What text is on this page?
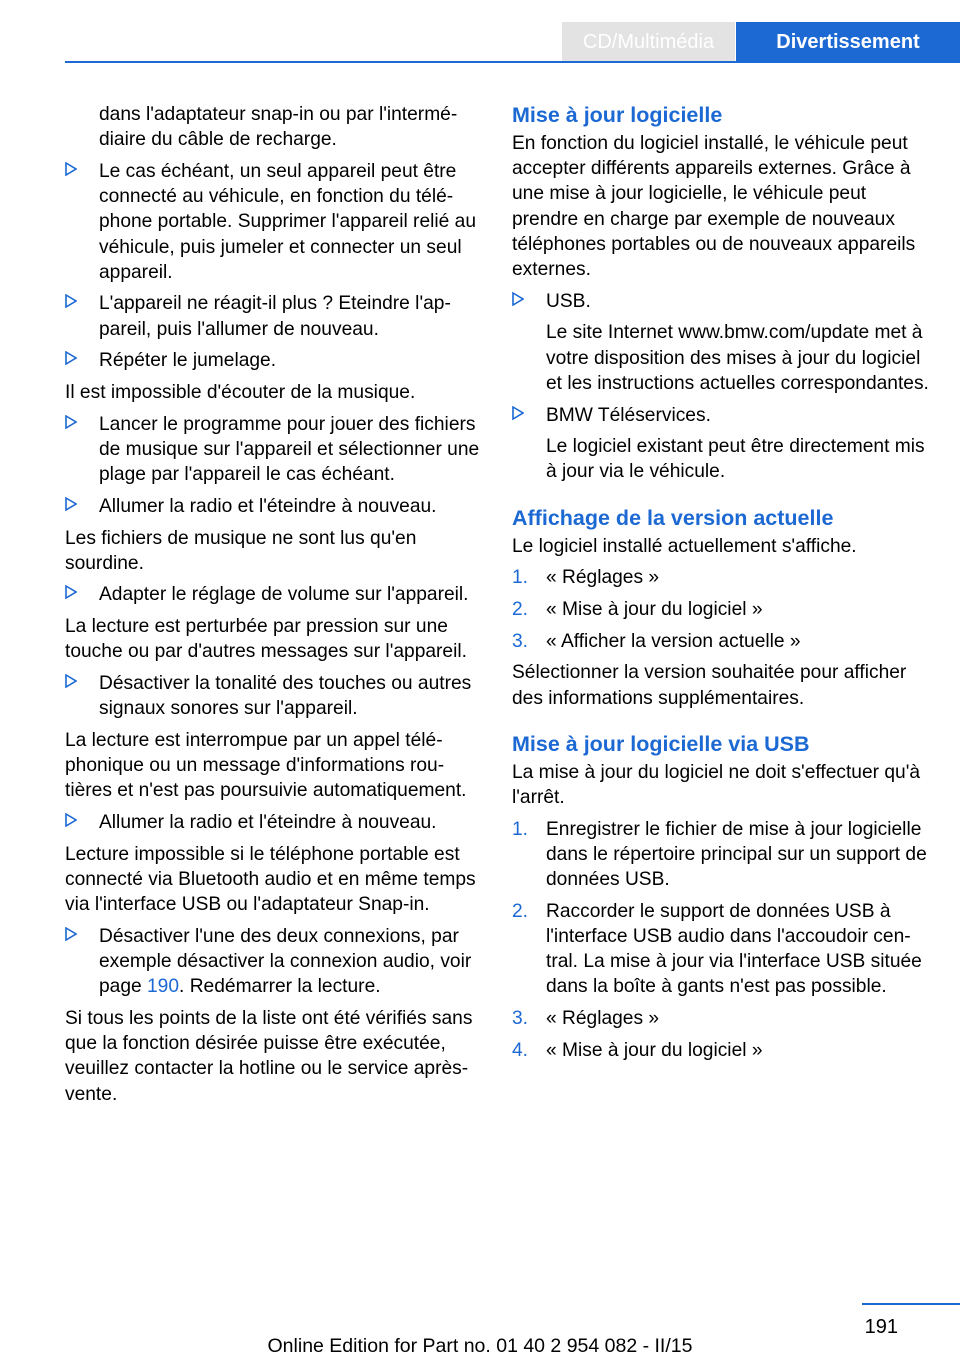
CD/Multimédia	Divertissement

dans l'adaptateur snap-in ou par l'intermédiaire du câble de recharge.

Le cas échéant, un seul appareil peut être connecté au véhicule, en fonction du téléphone portable. Supprimer l'appareil relié au véhicule, puis jumeler et connecter un seul appareil.

L'appareil ne réagit-il plus ? Eteindre l'appareil, puis l'allumer de nouveau.

Répéter le jumelage.

Il est impossible d'écouter de la musique.

Lancer le programme pour jouer des fichiers de musique sur l'appareil et sélectionner une plage par l'appareil le cas échéant.

Allumer la radio et l'éteindre à nouveau.

Les fichiers de musique ne sont lus qu'en sourdine.

Adapter le réglage de volume sur l'appareil.

La lecture est perturbée par pression sur une touche ou par d'autres messages sur l'appareil.

Désactiver la tonalité des touches ou autres signaux sonores sur l'appareil.

La lecture est interrompue par un appel téléphonique ou un message d'informations routières et n'est pas poursuivie automatiquement.

Allumer la radio et l'éteindre à nouveau.

Lecture impossible si le téléphone portable est connecté via Bluetooth audio et en même temps via l'interface USB ou l'adaptateur Snap-in.

Désactiver l'une des deux connexions, par exemple désactiver la connexion audio, voir page 190. Redémarrer la lecture.

Si tous les points de la liste ont été vérifiés sans que la fonction désirée puisse être exécutée, veuillez contacter la hotline ou le service après-vente.

Mise à jour logicielle

En fonction du logiciel installé, le véhicule peut accepter différents appareils externes. Grâce à une mise à jour logicielle, le véhicule peut prendre en charge par exemple de nouveaux téléphones portables ou de nouveaux appareils externes.

USB.

Le site Internet www.bmw.com/update met à votre disposition des mises à jour du logiciel et les instructions actuelles correspondantes.

BMW Téléservices.

Le logiciel existant peut être directement mis à jour via le véhicule.

Affichage de la version actuelle

Le logiciel installé actuellement s'affiche.

1. « Réglages »

2. « Mise à jour du logiciel »

3. « Afficher la version actuelle »

Sélectionner la version souhaitée pour afficher des informations supplémentaires.

Mise à jour logicielle via USB

La mise à jour du logiciel ne doit s'effectuer qu'à l'arrêt.

1. Enregistrer le fichier de mise à jour logicielle dans le répertoire principal sur un support de données USB.

2. Raccorder le support de données USB à l'interface USB audio dans l'accoudoir central. La mise à jour via l'interface USB située dans la boîte à gants n'est pas possible.

3. « Réglages »

4. « Mise à jour du logiciel »

191
Online Edition for Part no. 01 40 2 954 082 - II/15
